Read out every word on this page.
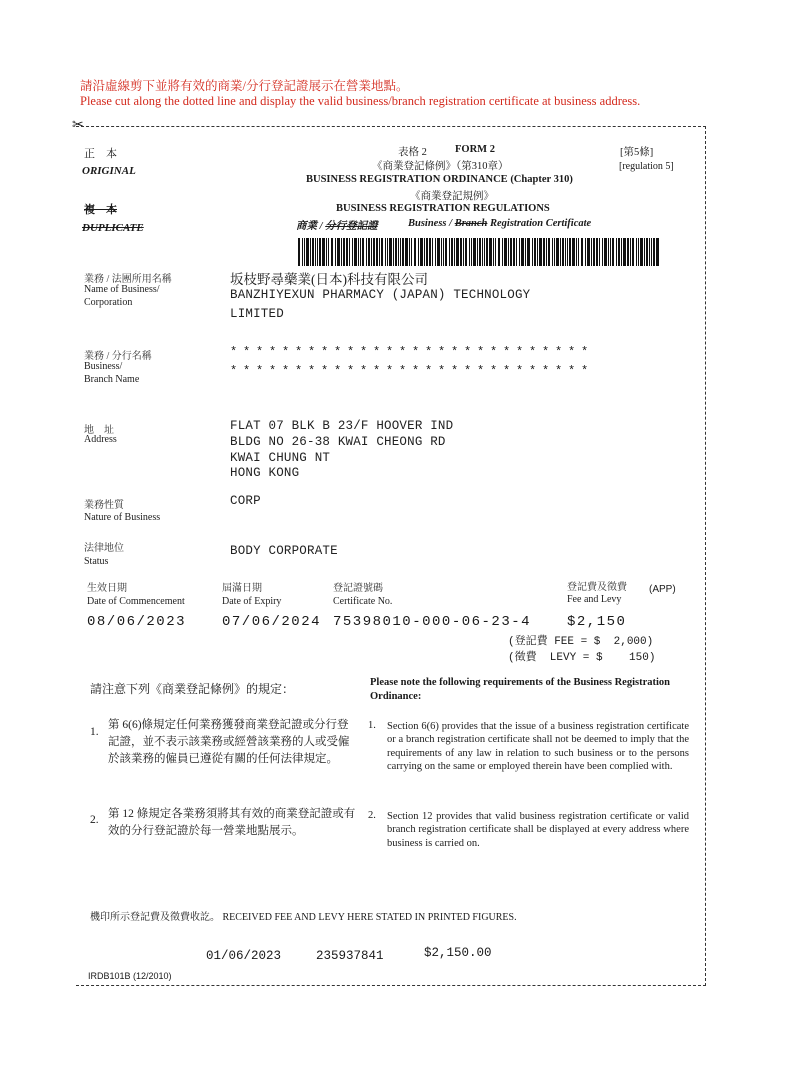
請沿虛線剪下並將有效的商業/分行登記證展示在營業地點。
Please cut along the dotted line and display the valid business/branch registration certificate at business address.
✂
正　本
ORIGINAL
複　本
DUPLICATE
表格 2	FORM 2	[第5條]
[regulation 5]
《商業登記條例》（第310章）
BUSINESS REGISTRATION ORDINANCE (Chapter 310)
《商業登記規例》
BUSINESS REGISTRATION REGULATIONS
商業 / 分行登記證	Business / Branch Registration Certificate
業務 / 法團所用名稱
Name of Business/
Corporation
坂枝野尋藥業(日本)科技有限公司
BANZHIYEXUN PHARMACY (JAPAN) TECHNOLOGY
LIMITED
業務 / 分行名稱
Business/
Branch Name
****************************
****************************
地　址
Address
FLAT 07 BLK B 23/F HOOVER IND
BLDG NO 26-38 KWAI CHEONG RD
KWAI CHUNG NT
HONG KONG
業務性質
Nature of Business
CORP
法律地位
Status
BODY CORPORATE
生效日期
Date of Commencement
08/06/2023
屆滿日期
Date of Expiry
07/06/2024
登記證號碼
Certificate No.
75398010-000-06-23-4
登記費及徵費
Fee and Levy
(APP)
$2,150
(登記費 FEE = $  2,000)
(徵費  LEVY = $    150)
請注意下列《商業登記條例》的規定：	Please note the following requirements of the Business Registration Ordinance:
1.
第 6(6)條規定任何業務獲發商業登記證或分行登記證，並不表示該業務或經營該業務的人或受僱於該業務的僱員已遵從有關的任何法律規定。
1. Section 6(6) provides that the issue of a business registration certificate or a branch registration certificate shall not be deemed to imply that the requirements of any law in relation to such business or to the persons carrying on the same or employed therein have been complied with.
2. 第 12 條規定各業務須將其有效的商業登記證或有效的分行登記證於每一營業地點展示。
2. Section 12 provides that valid business registration certificate or valid branch registration certificate shall be displayed at every address where business is carried on.
機印所示登記費及徵費收訖。 RECEIVED FEE AND LEVY HERE STATED IN PRINTED FIGURES.
01/06/2023	235937841	$2,150.00
IRDB101B (12/2010)
